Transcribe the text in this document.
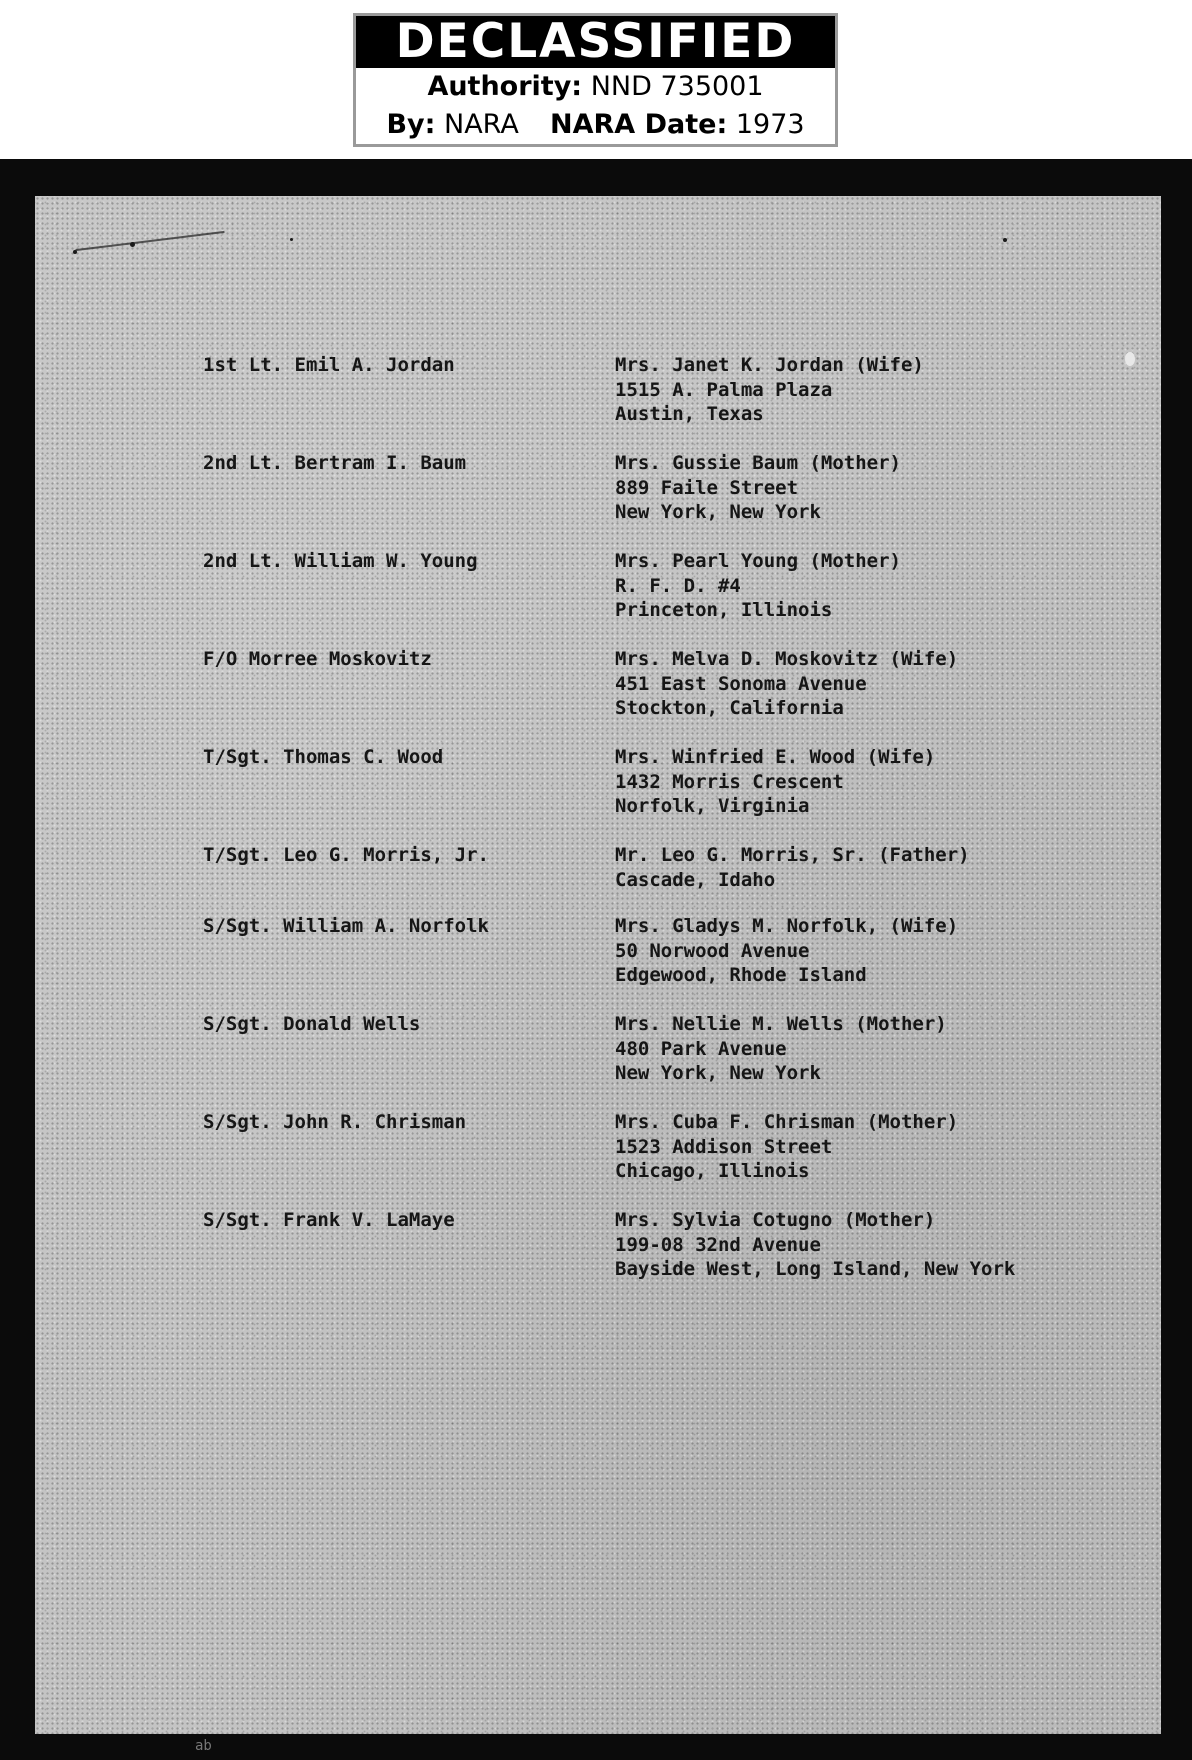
DECLASSIFIED
Authority: NND 735001
By: NARA NARA Date: 1973
1st Lt. Emil A. Jordan	Mrs. Janet K. Jordan (Wife)
1515 A. Palma Plaza
Austin, Texas
2nd Lt. Bertram I. Baum	Mrs. Gussie Baum (Mother)
889 Faile Street
New York, New York
2nd Lt. William W. Young	Mrs. Pearl Young (Mother)
R. F. D. #4
Princeton, Illinois
F/O Morree Moskovitz	Mrs. Melva D. Moskovitz (Wife)
451 East Sonoma Avenue
Stockton, California
T/Sgt. Thomas C. Wood	Mrs. Winfried E. Wood (Wife)
1432 Morris Crescent
Norfolk, Virginia
T/Sgt. Leo G. Morris, Jr.	Mr. Leo G. Morris, Sr. (Father)
Cascade, Idaho
S/Sgt. William A. Norfolk	Mrs. Gladys M. Norfolk, (Wife)
50 Norwood Avenue
Edgewood, Rhode Island
S/Sgt. Donald Wells	Mrs. Nellie M. Wells (Mother)
480 Park Avenue
New York, New York
S/Sgt. John R. Chrisman	Mrs. Cuba F. Chrisman (Mother)
1523 Addison Street
Chicago, Illinois
S/Sgt. Frank V. LaMaye	Mrs. Sylvia Cotugno (Mother)
199-08 32nd Avenue
Bayside West, Long Island, New York
ab
